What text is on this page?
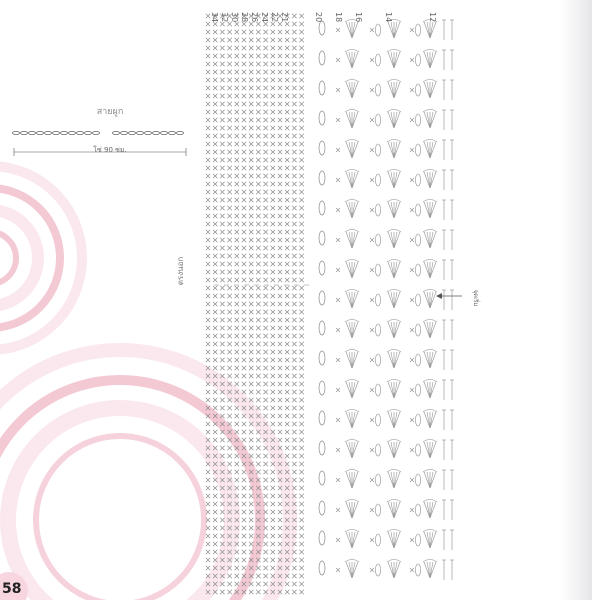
34 32 30 28 26 24 22 21	20 18 16	14	12
สายผูก
โซ่ 90 ซม.
ตรงนอก
จุดเริ่ม
58
